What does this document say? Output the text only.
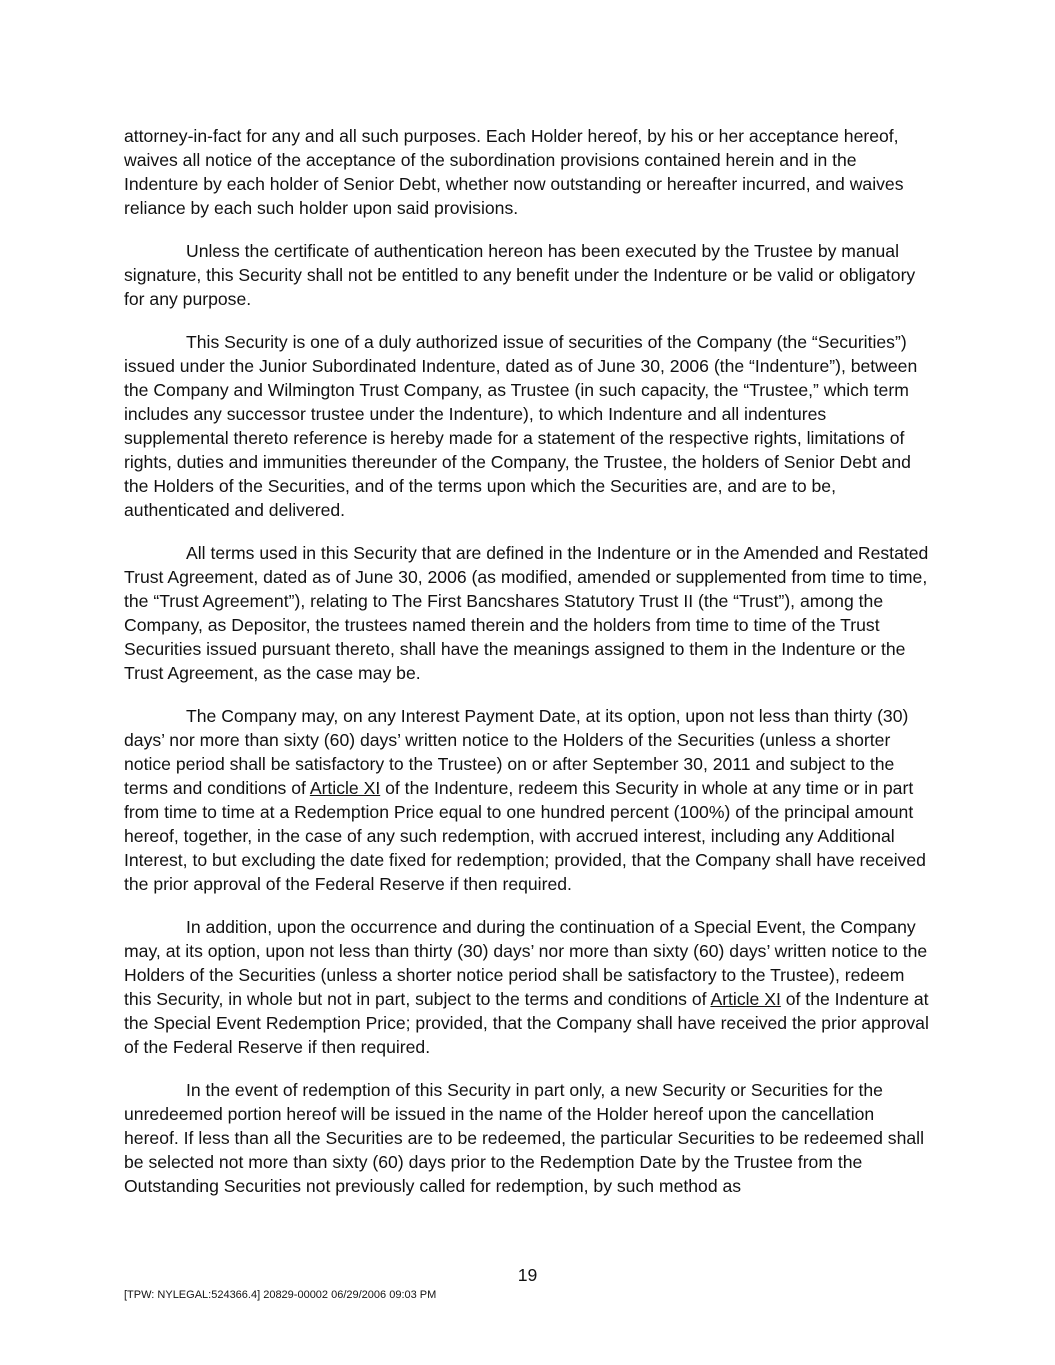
attorney-in-fact for any and all such purposes. Each Holder hereof, by his or her acceptance hereof, waives all notice of the acceptance of the subordination provisions contained herein and in the Indenture by each holder of Senior Debt, whether now outstanding or hereafter incurred, and waives reliance by each such holder upon said provisions.

Unless the certificate of authentication hereon has been executed by the Trustee by manual signature, this Security shall not be entitled to any benefit under the Indenture or be valid or obligatory for any purpose.

This Security is one of a duly authorized issue of securities of the Company (the “Securities”) issued under the Junior Subordinated Indenture, dated as of June 30, 2006 (the “Indenture”), between the Company and Wilmington Trust Company, as Trustee (in such capacity, the “Trustee,” which term includes any successor trustee under the Indenture), to which Indenture and all indentures supplemental thereto reference is hereby made for a statement of the respective rights, limitations of rights, duties and immunities thereunder of the Company, the Trustee, the holders of Senior Debt and the Holders of the Securities, and of the terms upon which the Securities are, and are to be, authenticated and delivered.

All terms used in this Security that are defined in the Indenture or in the Amended and Restated Trust Agreement, dated as of June 30, 2006 (as modified, amended or supplemented from time to time, the “Trust Agreement”), relating to The First Bancshares Statutory Trust II (the “Trust”), among the Company, as Depositor, the trustees named therein and the holders from time to time of the Trust Securities issued pursuant thereto, shall have the meanings assigned to them in the Indenture or the Trust Agreement, as the case may be.

The Company may, on any Interest Payment Date, at its option, upon not less than thirty (30) days’ nor more than sixty (60) days’ written notice to the Holders of the Securities (unless a shorter notice period shall be satisfactory to the Trustee) on or after September 30, 2011 and subject to the terms and conditions of Article XI of the Indenture, redeem this Security in whole at any time or in part from time to time at a Redemption Price equal to one hundred percent (100%) of the principal amount hereof, together, in the case of any such redemption, with accrued interest, including any Additional Interest, to but excluding the date fixed for redemption; provided, that the Company shall have received the prior approval of the Federal Reserve if then required.

In addition, upon the occurrence and during the continuation of a Special Event, the Company may, at its option, upon not less than thirty (30) days’ nor more than sixty (60) days’ written notice to the Holders of the Securities (unless a shorter notice period shall be satisfactory to the Trustee), redeem this Security, in whole but not in part, subject to the terms and conditions of Article XI of the Indenture at the Special Event Redemption Price; provided, that the Company shall have received the prior approval of the Federal Reserve if then required.

In the event of redemption of this Security in part only, a new Security or Securities for the unredeemed portion hereof will be issued in the name of the Holder hereof upon the cancellation hereof. If less than all the Securities are to be redeemed, the particular Securities to be redeemed shall be selected not more than sixty (60) days prior to the Redemption Date by the Trustee from the Outstanding Securities not previously called for redemption, by such method as

19
[TPW: NYLEGAL:524366.4] 20829-00002 06/29/2006 09:03 PM
